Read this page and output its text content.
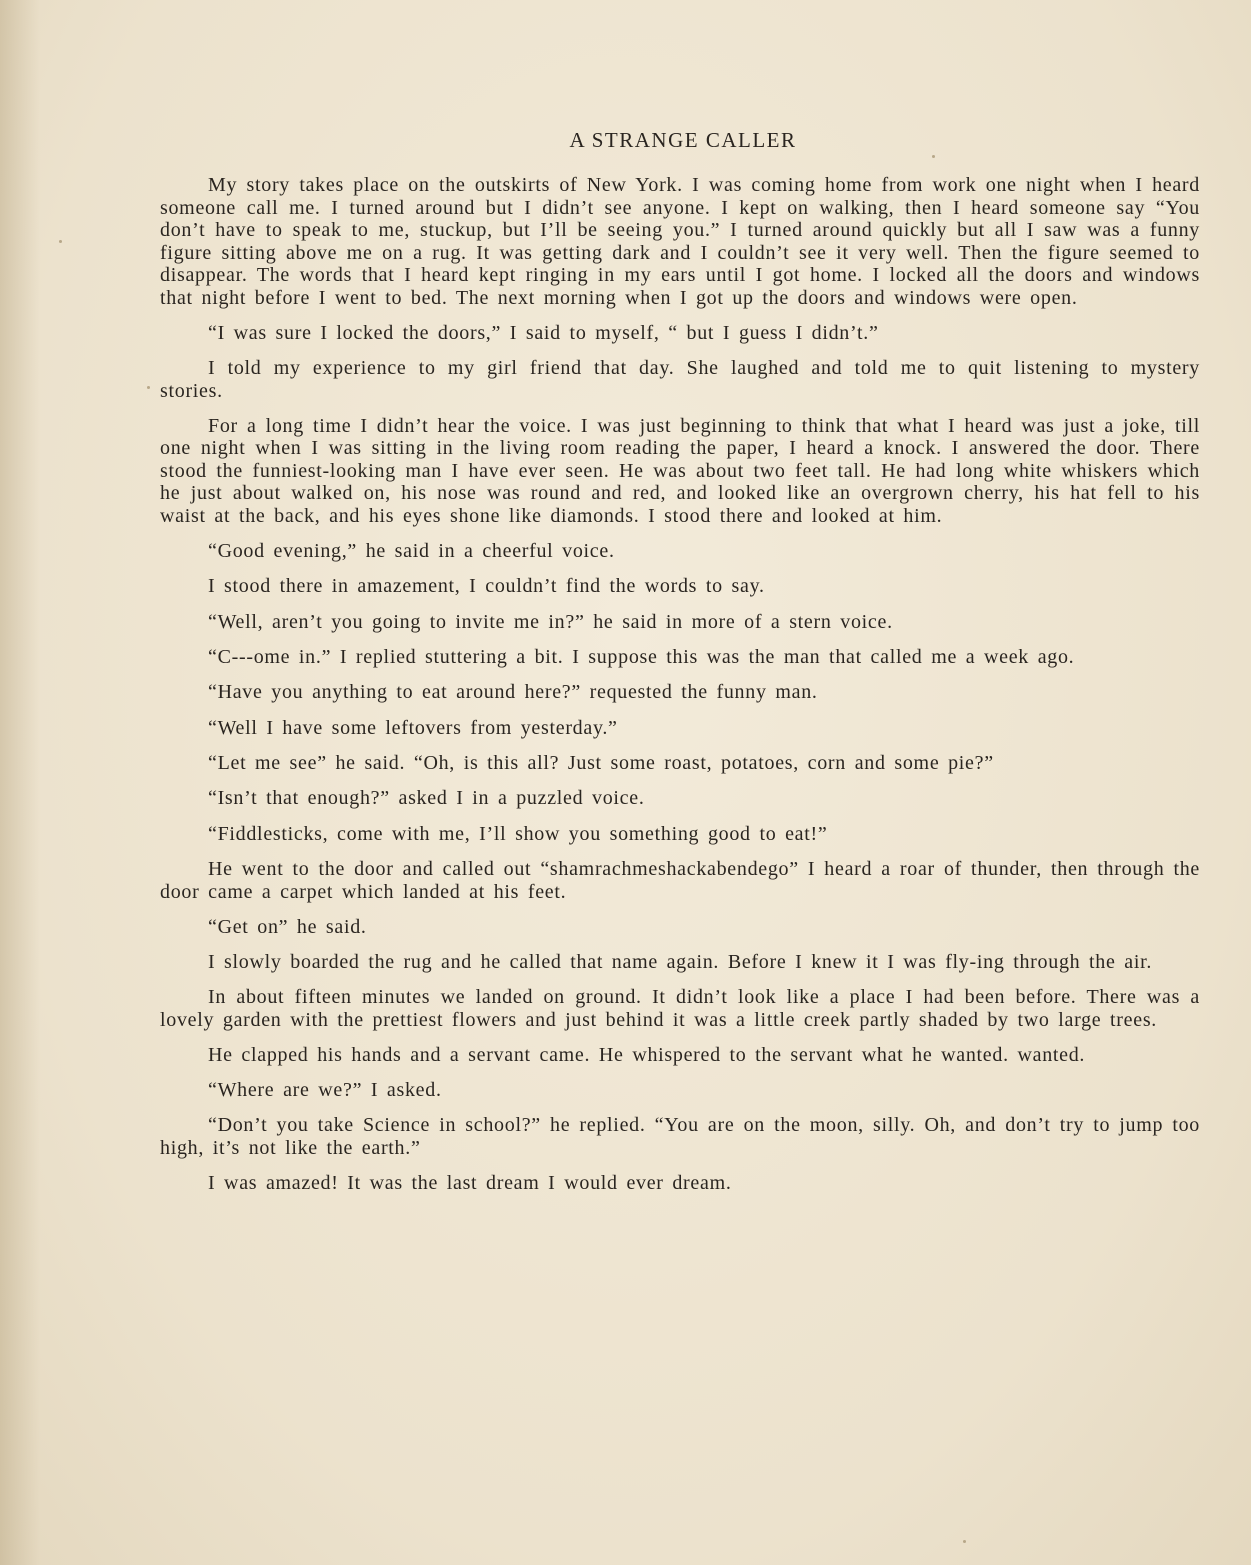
A STRANGE CALLER

My story takes place on the outskirts of New York. I was coming home from work one night when I heard someone call me. I turned around but I didn’t see anyone. I kept on walking, then I heard someone say “You don’t have to speak to me, stuckup, but I’ll be seeing you.” I turned around quickly but all I saw was a funny figure sitting above me on a rug. It was getting dark and I couldn’t see it very well. Then the figure seemed to disappear. The words that I heard kept ringing in my ears until I got home. I locked all the doors and windows that night before I went to bed. The next morning when I got up the doors and windows were open.

“I was sure I locked the doors,” I said to myself, “ but I guess I didn’t.”

I told my experience to my girl friend that day. She laughed and told me to quit listening to mystery stories.

For a long time I didn’t hear the voice. I was just beginning to think that what I heard was just a joke, till one night when I was sitting in the living room reading the paper, I heard a knock. I answered the door. There stood the funniest-looking man I have ever seen. He was about two feet tall. He had long white whiskers which he just about walked on, his nose was round and red, and looked like an overgrown cherry, his hat fell to his waist at the back, and his eyes shone like diamonds. I stood there and looked at him.

“Good evening,” he said in a cheerful voice.

I stood there in amazement, I couldn’t find the words to say.

“Well, aren’t you going to invite me in?” he said in more of a stern voice.

“C---ome in.” I replied stuttering a bit. I suppose this was the man that called me a week ago.

“Have you anything to eat around here?” requested the funny man.

“Well I have some leftovers from yesterday.”

“Let me see” he said. “Oh, is this all? Just some roast, potatoes, corn and some pie?”

“Isn’t that enough?” asked I in a puzzled voice.

“Fiddlesticks, come with me, I’ll show you something good to eat!”

He went to the door and called out “shamrachmeshackabendego” I heard a roar of thunder, then through the door came a carpet which landed at his feet.

“Get on” he said.

I slowly boarded the rug and he called that name again. Before I knew it I was fly-ing through the air.

In about fifteen minutes we landed on ground. It didn’t look like a place I had been before. There was a lovely garden with the prettiest flowers and just behind it was a little creek partly shaded by two large trees.

He clapped his hands and a servant came. He whispered to the servant what he wanted. wanted.

“Where are we?” I asked.

“Don’t you take Science in school?” he replied. “You are on the moon, silly. Oh, and don’t try to jump too high, it’s not like the earth.”

I was amazed! It was the last dream I would ever dream.
